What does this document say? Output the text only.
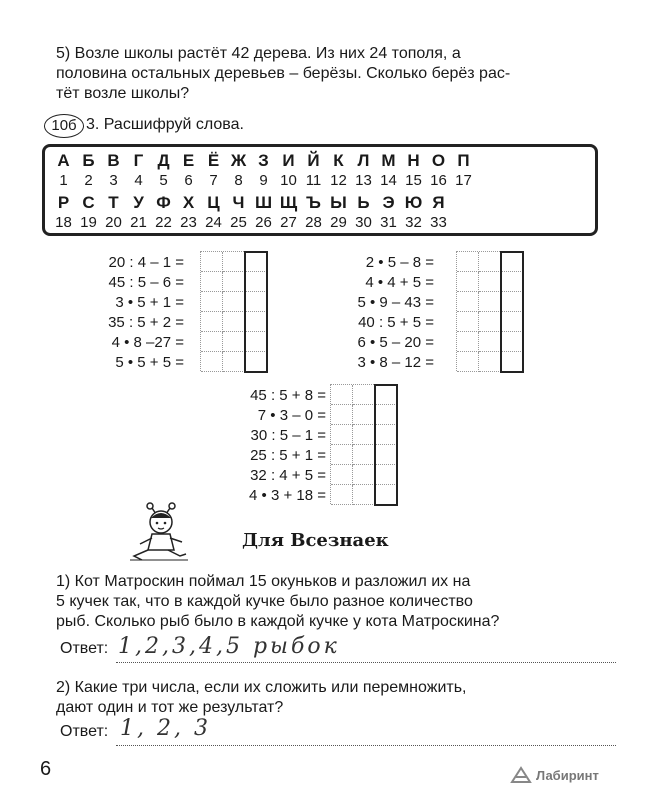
5) Возле школы растёт 42 дерева. Из них 24 тополя, а
половина остальных деревьев – берёзы. Сколько берёз рас-
тёт возле школы?
10б 3. Расшифруй слова.
А Б В Г Д Е Ё Ж З И Й К Л М Н О П
1	2	3	4	5	6	7	8	9 10 11 12 13 14 15 16 17
Р С Т У Ф Х Ц Ч Ш Щ Ъ Ы Ь Э Ю Я
18 19 20 21 22 23 24 25 26 27 28 29 30 31 32 33
20 : 4 – 1 =
45 : 5 – 6 =
3 • 5 + 1 =
35 : 5 + 2 =
4 • 8 –27 =
5 • 5 + 5 =
2 • 5 – 8 =
4 • 4 + 5 =
5 • 9 – 43 =
40 : 5 + 5 =
6 • 5 – 20 =
3 • 8 – 12 =
45 : 5 + 8 =
7 • 3 – 0 =
30 : 5 – 1 =
25 : 5 + 1 =
32 : 4 + 5 =
4 • 3 + 18 =
Для Всезнаек
1) Кот Матроскин поймал 15 окуньков и разложил их на
5 кучек так, что в каждой кучке было разное количество
рыб. Сколько рыб было в каждой кучке у кота Матроскина?
Ответ: 1,2,3,4,5 рыбок
2) Какие три числа, если их сложить или перемножить,
дают один и тот же результат?
Ответ: 1, 2, 3
6	Лабиринт
